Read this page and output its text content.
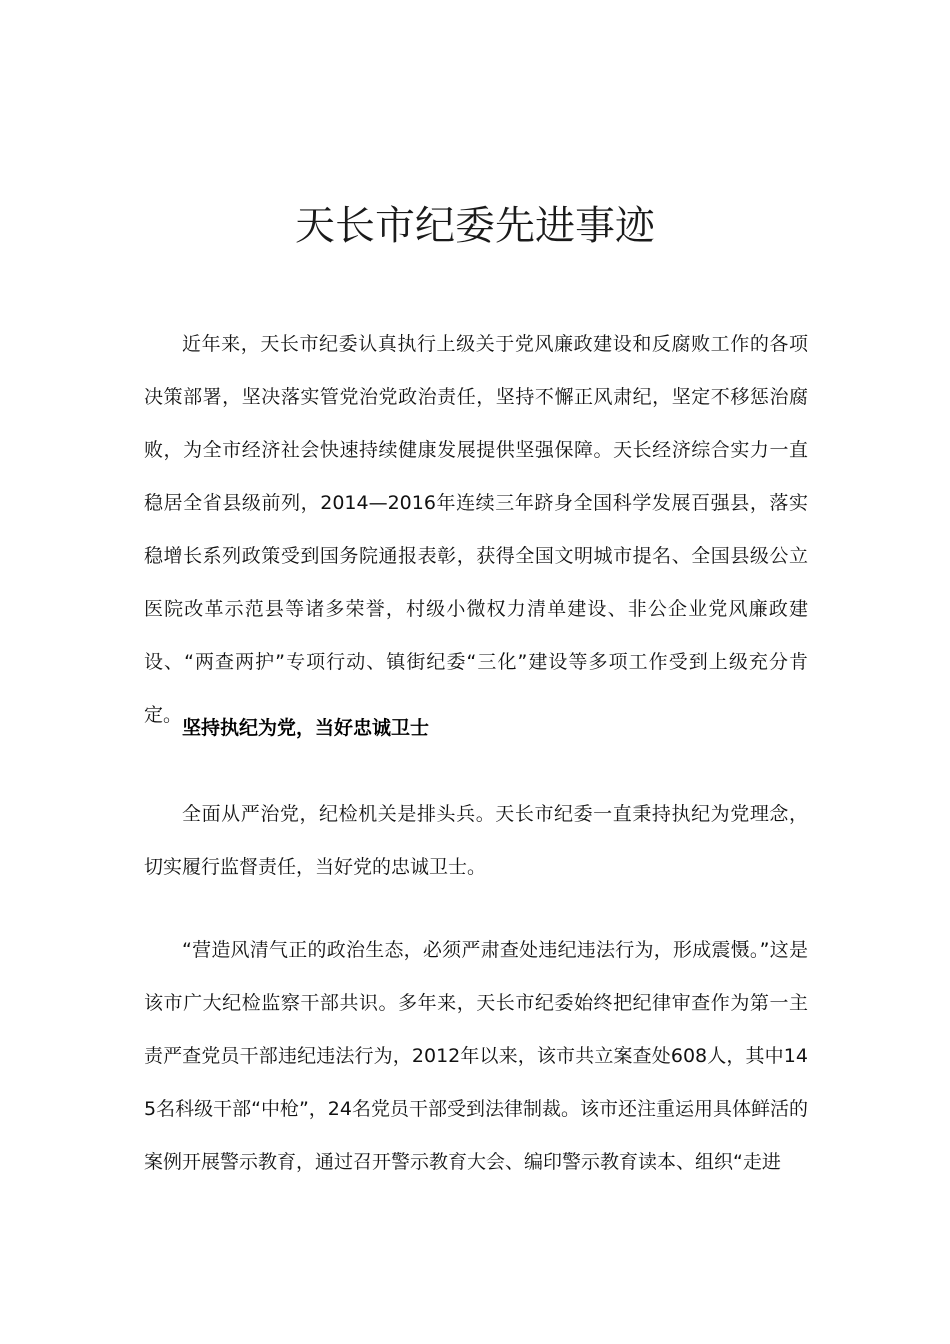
天长市纪委先进事迹

近年来，天长市纪委认真执行上级关于党风廉政建设和反腐败工作的各项决策部署，坚决落实管党治党政治责任，坚持不懈正风肃纪，坚定不移惩治腐败，为全市经济社会快速持续健康发展提供坚强保障。天长经济综合实力一直稳居全省县级前列，2014—2016年连续三年跻身全国科学发展百强县，落实稳增长系列政策受到国务院通报表彰，获得全国文明城市提名、全国县级公立医院改革示范县等诸多荣誉，村级小微权力清单建设、非公企业党风廉政建设、“两查两护”专项行动、镇街纪委“三化”建设等多项工作受到上级充分肯定。

坚持执纪为党，当好忠诚卫士

全面从严治党，纪检机关是排头兵。天长市纪委一直秉持执纪为党理念，切实履行监督责任，当好党的忠诚卫士。

“营造风清气正的政治生态，必须严肃查处违纪违法行为，形成震慑。”这是该市广大纪检监察干部共识。多年来，天长市纪委始终把纪律审查作为第一主责严查党员干部违纪违法行为，2012年以来，该市共立案查处608人，其中145名科级干部“中枪”，24名党员干部受到法律制裁。该市还注重运用具体鲜活的案例开展警示教育，通过召开警示教育大会、编印警示教育读本、组织“走进
